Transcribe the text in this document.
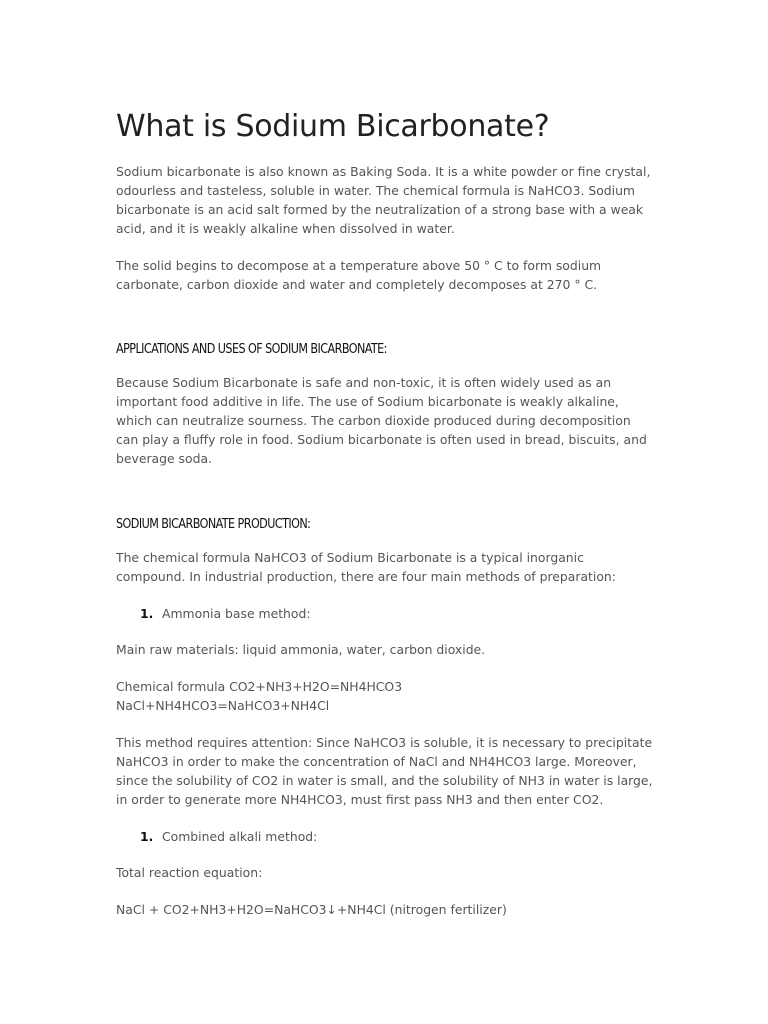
What is Sodium Bicarbonate?

Sodium bicarbonate is also known as Baking Soda. It is a white powder or fine crystal, odourless and tasteless, soluble in water. The chemical formula is NaHCO3. Sodium bicarbonate is an acid salt formed by the neutralization of a strong base with a weak acid, and it is weakly alkaline when dissolved in water.

The solid begins to decompose at a temperature above 50 ° C to form sodium carbonate, carbon dioxide and water and completely decomposes at 270 ° C.

APPLICATIONS AND USES OF SODIUM BICARBONATE:

Because Sodium Bicarbonate is safe and non-toxic, it is often widely used as an important food additive in life. The use of Sodium bicarbonate is weakly alkaline, which can neutralize sourness. The carbon dioxide produced during decomposition can play a fluffy role in food. Sodium bicarbonate is often used in bread, biscuits, and beverage soda.

SODIUM BICARBONATE PRODUCTION:

The chemical formula NaHCO3 of Sodium Bicarbonate is a typical inorganic compound. In industrial production, there are four main methods of preparation:

1. Ammonia base method:

Main raw materials: liquid ammonia, water, carbon dioxide.

Chemical formula CO2+NH3+H2O=NH4HCO3
NaCl+NH4HCO3=NaHCO3+NH4Cl

This method requires attention: Since NaHCO3 is soluble, it is necessary to precipitate NaHCO3 in order to make the concentration of NaCl and NH4HCO3 large. Moreover, since the solubility of CO2 in water is small, and the solubility of NH3 in water is large, in order to generate more NH4HCO3, must first pass NH3 and then enter CO2.

1. Combined alkali method:

Total reaction equation:

NaCl + CO2+NH3+H2O=NaHCO3↓+NH4Cl (nitrogen fertilizer)
